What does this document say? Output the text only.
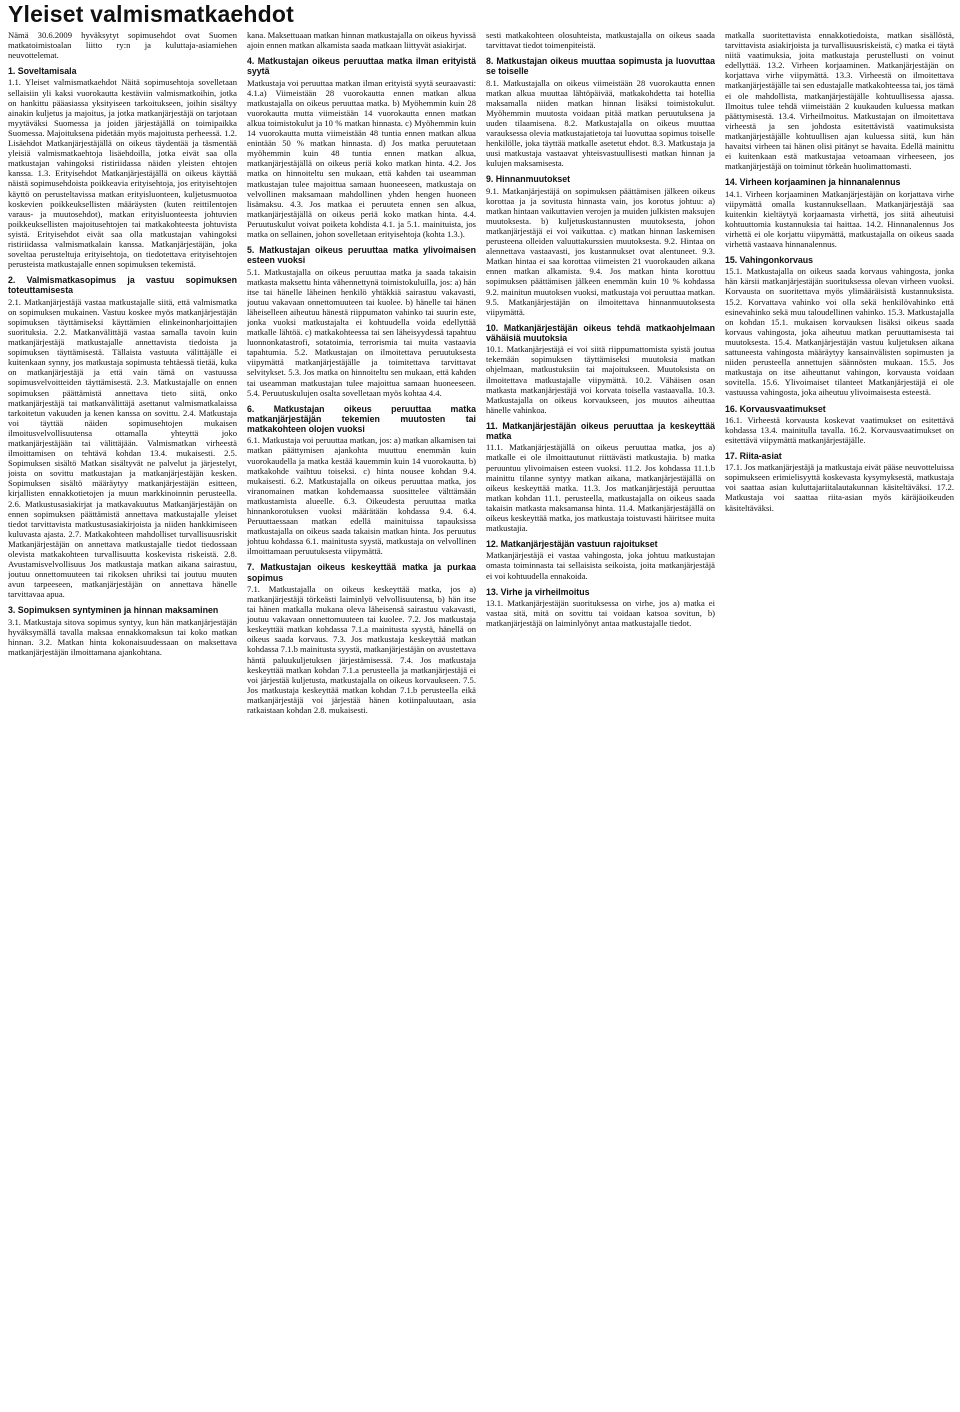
Yleiset valmismatkaehdot

Nämä 30.6.2009 hyväksytyt sopimusehdot ovat Suomen matkatoimistoalan liitto ry:n ja kuluttaja-asiamiehen neuvottelemat.

1. Soveltamisala

1.1. Yleiset valmismatkaehdot Näitä sopimusehtoja sovelletaan sellaisiin yli kaksi vuorokautta kestäviin valmismatkoihin, jotka on hankittu pääasiassa yksityiseen tarkoitukseen, joihin sisältyy ainakin kuljetus ja majoitus, ja jotka matkanjärjestäjä on tarjotaan myytäväksi Suomessa ja joiden järjestäjällä on toimipaikka Suomessa. Majoituksena pidetään myös majoitusta perheessä. 1.2. Lisäehdot Matkanjärjestäjällä on oikeus täydentää ja täsmentää yleisiä valmismatkaehtoja lisäehdoilla, jotka eivät saa olla matkustajan vahingoksi ristiriidassa näiden yleisten ehtojen kanssa. 1.3. Erityisehdot Matkanjärjestäjällä on oikeus käyttää näistä sopimusehdoista poikkeavia erityisehtoja, jos erityisehtojen käyttö on perusteltavissa matkan erityisluonteen, kuljetusmuotoa koskevien poikkeuksellisten määräysten (kuten reittilentojen varaus- ja muutosehdot), matkan erityisluonteesta johtuvien poikkeuksellisten majoitusehtojen tai matkakohteesta johtuvista syistä. Erityisehdot eivät saa olla matkustajan vahingoksi ristiriidassa valmismatkalain kanssa. Matkanjärjestäjän, joka soveltaa perusteltuja erityisehtoja, on tiedotettava erityisehtojen perusteista matkustajalle ennen sopimuksen tekemistä.

2. Valmismatkasopimus ja vastuu sopimuksen toteuttamisesta

2.1. Matkanjärjestäjä vastaa matkustajalle siitä, että valmismatka on sopimuksen mukainen. Vastuu koskee myös matkanjärjestäjän sopimuksen täyttämiseksi käyttämien elinkeinonharjoittajien suorituksia. 2.2. Matkanvälittäjä vastaa samalla tavoin kuin matkanjärjestäjä matkustajalle annettavista tiedoista ja sopimuksen täyttämisestä. Tällaista vastuuta välittäjälle ei kuitenkaan synny, jos matkustaja sopimusta tehtäessä tietää, kuka on matkanjärjestäjä ja että vain tämä on vastuussa sopimusvelvoitteiden täyttämisestä. 2.3. Matkustajalle on ennen sopimuksen päättämistä annettava tieto siitä, onko matkanjärjestäjä tai matkanvälittäjä asettanut valmismatkalaissa tarkoitetun vakuuden ja kenen kanssa on sovittu. 2.4. Matkustaja voi täyttää näiden sopimusehtojen mukaisen ilmoitusvelvollisuutensa ottamalla yhteyttä joko matkanjärjestäjään tai välittäjään. Valmismatkan virheestä ilmoittamisen on tehtävä kohdan 13.4. mukaisesti. 2.5. Sopimuksen sisältö Matkan sisältyvät ne palvelut ja järjestelyt, joista on sovittu matkustajan ja matkanjärjestäjän kesken. Sopimuksen sisältö määräytyy matkanjärjestäjän esitteen, kirjallisten ennakkotietojen ja muun markkinoinnin perusteella. 2.6. Matkustusasiakirjat ja matkavakuutus Matkanjärjestäjän on ennen sopimuksen päättämistä annettava matkustajalle yleiset tiedot tarvittavista matkustusasiakirjoista ja niiden hankkimiseen kuluvasta ajasta. 2.7. Matkakohteen mahdolliset turvallisuusriskit Matkanjärjestäjän on annettava matkustajalle tiedot tiedossaan olevista matkakohteen turvallisuutta koskevista riskeistä. 2.8. Avustamisvelvollisuus Jos matkustaja matkan aikana sairastuu, joutuu onnettomuuteen tai rikoksen uhriksi tai joutuu muuten avun tarpeeseen, matkanjärjestäjän on annettava hänelle tarvittavaa apua.

3. Sopimuksen syntyminen ja hinnan maksaminen

3.1. Matkustaja sitova sopimus syntyy, kun hän matkanjärjestäjän hyväksymällä tavalla maksaa ennakkomaksun tai koko matkan hinnan. 3.2. Matkan hinta kokonaisuudessaan on maksettava matkanjärjestäjän ilmoittamana ajankohtana.

kana. Maksettuaan matkan hinnan matkustajalla on oikeus hyvissä ajoin ennen matkan alkamista saada matkaan liittyvät asiakirjat.

4. Matkustajan oikeus peruuttaa matka ilman erityistä syytä

Matkustaja voi peruuttaa matkan ilman erityistä syytä seuraavasti: 4.1.a) Viimeistään 28 vuorokautta ennen matkan alkua matkustajalla on oikeus peruuttaa matka. b) Myöhemmin kuin 28 vuorokautta mutta viimeistään 14 vuorokautta ennen matkan alkua toimistokulut ja 10 % matkan hinnasta. c) Myöhemmin kuin 14 vuorokautta mutta viimeistään 48 tuntia ennen matkan alkua enintään 50 % matkan hinnasta. d) Jos matka peruutetaan myöhemmin kuin 48 tuntia ennen matkan alkua, matkanjärjestäjällä on oikeus periä koko matkan hinta. 4.2. Jos matka on hinnoiteltu sen mukaan, että kahden tai useamman matkustajan tulee majoittua samaan huoneeseen, matkustaja on velvollinen maksamaan mahdollinen yhden hengen huoneen lisämaksu. 4.3. Jos matkaa ei peruuteta ennen sen alkua, matkanjärjestäjällä on oikeus periä koko matkan hinta. 4.4. Peruutuskulut voivat poiketa kohdista 4.1. ja 5.1. mainituista, jos matka on sellainen, johon sovelletaan erityisehtoja (kohta 1.3.).

5. Matkustajan oikeus peruuttaa matka ylivoimaisen esteen vuoksi

5.1. Matkustajalla on oikeus peruuttaa matka ja saada takaisin matkasta maksettu hinta vähennettynä toimistokuluilla, jos: a) hän itse tai hänelle läheinen henkilö yhtäkkiä sairastuu vakavasti, joutuu vakavaan onnettomuuteen tai kuolee. b) hänelle tai hänen läheiselleen aiheutuu hänestä riippumaton vahinko tai suurin este, jonka vuoksi matkustajalta ei kohtuudella voida edellyttää matkalle lähtöä. c) matkakohteessa tai sen läheisyydessä tapahtuu luonnonkatastrofi, sotatoimia, terrorismia tai muita vastaavia tapahtumia. 5.2. Matkustajan on ilmoitettava peruutuksesta viipymättä matkanjärjestäjälle ja toimitettava tarvittavat selvitykset. 5.3. Jos matka on hinnoiteltu sen mukaan, että kahden tai useamman matkustajan tulee majoittua samaan huoneeseen. 5.4. Peruutuskulujen osalta sovelletaan myös kohtaa 4.4.

6. Matkustajan oikeus peruuttaa matka matkanjärjestäjän tekemien muutosten tai matkakohteen olojen vuoksi

6.1. Matkustaja voi peruuttaa matkan, jos: a) matkan alkamisen tai matkan päättymisen ajankohta muuttuu enemmän kuin vuorokaudella ja matka kestää kauemmin kuin 14 vuorokautta. b) matkakohde vaihtuu toiseksi. c) hinta nousee kohdan 9.4. mukaisesti. 6.2. Matkustajalla on oikeus peruuttaa matka, jos viranomainen matkan kohdemaassa suosittelee välttämään matkustamista alueelle. 6.3. Oikeudesta peruuttaa matka hinnankorotuksen vuoksi määrätään kohdassa 9.4. 6.4. Peruuttaessaan matkan edellä mainituissa tapauksissa matkustajalla on oikeus saada takaisin matkan hinta. Jos peruutus johtuu kohdassa 6.1. mainitusta syystä, matkustaja on velvollinen ilmoittamaan peruutuksesta viipymättä.

7. Matkustajan oikeus keskeyttää matka ja purkaa sopimus

7.1. Matkustajalla on oikeus keskeyttää matka, jos a) matkanjärjestäjä törkeästi laiminlyö velvollisuutensa, b) hän itse tai hänen matkalla mukana oleva läheisensä sairastuu vakavasti, joutuu vakavaan onnettomuuteen tai kuolee. 7.2. Jos matkustaja keskeyttää matkan kohdassa 7.1.a mainitusta syystä, hänellä on oikeus saada korvaus. 7.3. Jos matkustaja keskeyttää matkan kohdassa 7.1.b mainitusta syystä, matkanjärjestäjän on avustettava häntä paluukuljetuksen järjestämisessä. 7.4. Jos matkustaja keskeyttää matkan kohdan 7.1.a perusteella ja matkanjärjestäjä ei voi järjestää kuljetusta, matkustajalla on oikeus korvaukseen. 7.5. Jos matkustaja keskeyttää matkan kohdan 7.1.b perusteella eikä matkanjärjestäjä voi järjestää hänen kotiinpaluutaan, asia ratkaistaan kohdan 2.8. mukaisesti.

sesti matkakohteen olosuhteista, matkustajalla on oikeus saada tarvittavat tiedot toimenpiteistä.

8. Matkustajan oikeus muuttaa sopimusta ja luovuttaa se toiselle

8.1. Matkustajalla on oikeus viimeistään 28 vuorokautta ennen matkan alkua muuttaa lähtöpäivää, matkakohdetta tai hotellia maksamalla niiden matkan hinnan lisäksi toimistokulut. Myöhemmin muutosta voidaan pitää matkan peruutuksena ja uuden tilaamisena. 8.2. Matkustajalla on oikeus muuttaa varauksessa olevia matkustajatietoja tai luovuttaa sopimus toiselle henkilölle, joka täyttää matkalle asetetut ehdot. 8.3. Matkustaja ja uusi matkustaja vastaavat yhteisvastuullisesti matkan hinnan ja kulujen maksamisesta.

9. Hinnanmuutokset

9.1. Matkanjärjestäjä on sopimuksen päättämisen jälkeen oikeus korottaa ja ja sovitusta hinnasta vain, jos korotus johtuu: a) matkan hintaan vaikuttavien verojen ja muiden julkisten maksujen muutoksesta. b) kuljetuskustannusten muutoksesta, johon matkanjärjestäjä ei voi vaikuttaa. c) matkan hinnan laskemisen perusteena olleiden valuuttakurssien muutoksesta. 9.2. Hintaa on alennettava vastaavasti, jos kustannukset ovat alentuneet. 9.3. Matkan hintaa ei saa korottaa viimeisten 21 vuorokauden aikana ennen matkan alkamista. 9.4. Jos matkan hinta korottuu sopimuksen päättämisen jälkeen enemmän kuin 10 % kohdassa 9.2. mainitun muutoksen vuoksi, matkustaja voi peruuttaa matkan. 9.5. Matkanjärjestäjän on ilmoitettava hinnanmuutoksesta viipymättä.

10. Matkanjärjestäjän oikeus tehdä matkaohjelmaan vähäisiä muutoksia

10.1. Matkanjärjestäjä ei voi siitä riippumattomista syistä joutua tekemään sopimuksen täyttämiseksi muutoksia matkan ohjelmaan, matkustuksiin tai majoitukseen. Muutoksista on ilmoitettava matkustajalle viipymättä. 10.2. Vähäisen osan matkasta matkanjärjestäjä voi korvata toisella vastaavalla. 10.3. Matkustajalla on oikeus korvaukseen, jos muutos aiheuttaa hänelle vahinkoa.

11. Matkanjärjestäjän oikeus peruuttaa ja keskeyttää matka

11.1. Matkanjärjestäjällä on oikeus peruuttaa matka, jos a) matkalle ei ole ilmoittautunut riittävästi matkustajia. b) matka peruuntuu ylivoimaisen esteen vuoksi. 11.2. Jos kohdassa 11.1.b mainittu tilanne syntyy matkan aikana, matkanjärjestäjällä on oikeus keskeyttää matka. 11.3. Jos matkanjärjestäjä peruuttaa matkan kohdan 11.1. perusteella, matkustajalla on oikeus saada takaisin matkasta maksamansa hinta. 11.4. Matkanjärjestäjällä on oikeus keskeyttää matka, jos matkustaja toistuvasti häiritsee muita matkustajia.

12. Matkanjärjestäjän vastuun rajoitukset

Matkanjärjestäjä ei vastaa vahingosta, joka johtuu matkustajan omasta toiminnasta tai sellaisista seikoista, joita matkanjärjestäjä ei voi kohtuudella ennakoida.

13. Virhe ja virheilmoitus

13.1. Matkanjärjestäjän suorituksessa on virhe, jos a) matka ei vastaa sitä, mitä on sovittu tai voidaan katsoa sovitun, b) matkanjärjestäjä on laiminlyönyt antaa matkustajalle tiedot.

matkalla suoritettavista ennakkotiedoista, matkan sisällöstä, tarvittavista asiakirjoista ja turvallisuusriskeistä, c) matka ei täytä niitä vaatimuksia, joita matkustaja perustellusti on voinut edellyttää. 13.2. Virheen korjaaminen. Matkanjärjestäjän on korjattava virhe viipymättä. 13.3. Virheestä on ilmoitettava matkanjärjestäjälle tai sen edustajalle matkakohteessa tai, jos tämä ei ole mahdollista, matkanjärjestäjälle kohtuullisessa ajassa. Ilmoitus tulee tehdä viimeistään 2 kuukauden kuluessa matkan päättymisestä. 13.4. Virheilmoitus. Matkustajan on ilmoitettava virheestä ja sen johdosta esitettävistä vaatimuksista matkanjärjestäjälle kohtuullisen ajan kuluessa siitä, kun hän havaitsi virheen tai hänen olisi pitänyt se havaita. Edellä mainittu ei kuitenkaan estä matkustajaa vetoamaan virheeseen, jos matkanjärjestäjä on toiminut törkeän huolimattomasti.

14. Virheen korjaaminen ja hinnanalennus

14.1. Virheen korjaaminen Matkanjärjestäjän on korjattava virhe viipymättä omalla kustannuksellaan. Matkanjärjestäjä saa kuitenkin kieltäytyä korjaamasta virhettä, jos siitä aiheutuisi kohtuuttomia kustannuksia tai haittaa. 14.2. Hinnanalennus Jos virhettä ei ole korjattu viipymättä, matkustajalla on oikeus saada virhettä vastaava hinnanalennus.

15. Vahingonkorvaus

15.1. Matkustajalla on oikeus saada korvaus vahingosta, jonka hän kärsii matkanjärjestäjän suorituksessa olevan virheen vuoksi. Korvausta on suoritettava myös ylimääräisistä kustannuksista. 15.2. Korvattava vahinko voi olla sekä henkilövahinko että esinevahinko sekä muu taloudellinen vahinko. 15.3. Matkustajalla on kohdan 15.1. mukaisen korvauksen lisäksi oikeus saada korvaus vahingosta, joka aiheutuu matkan peruuttamisesta tai muutoksesta. 15.4. Matkanjärjestäjän vastuu kuljetuksen aikana sattuneesta vahingosta määräytyy kansainvälisten sopimusten ja niiden perusteella annettujen säännösten mukaan. 15.5. Jos matkustaja on itse aiheuttanut vahingon, korvausta voidaan sovitella. 15.6. Ylivoimaiset tilanteet Matkanjärjestäjä ei ole vastuussa vahingosta, joka aiheutuu ylivoimaisesta esteestä.

16. Korvausvaatimukset

16.1. Virheestä korvausta koskevat vaatimukset on esitettävä kohdassa 13.4. mainitulla tavalla. 16.2. Korvausvaatimukset on esitettävä viipymättä matkanjärjestäjälle.

17. Riita-asiat

17.1. Jos matkanjärjestäjä ja matkustaja eivät pääse neuvotteluissa sopimukseen erimielisyyttä koskevasta kysymyksestä, matkustaja voi saattaa asian kuluttajariitalautakunnan käsiteltäväksi. 17.2. Matkustaja voi saattaa riita-asian myös käräjäoikeuden käsiteltäväksi.
